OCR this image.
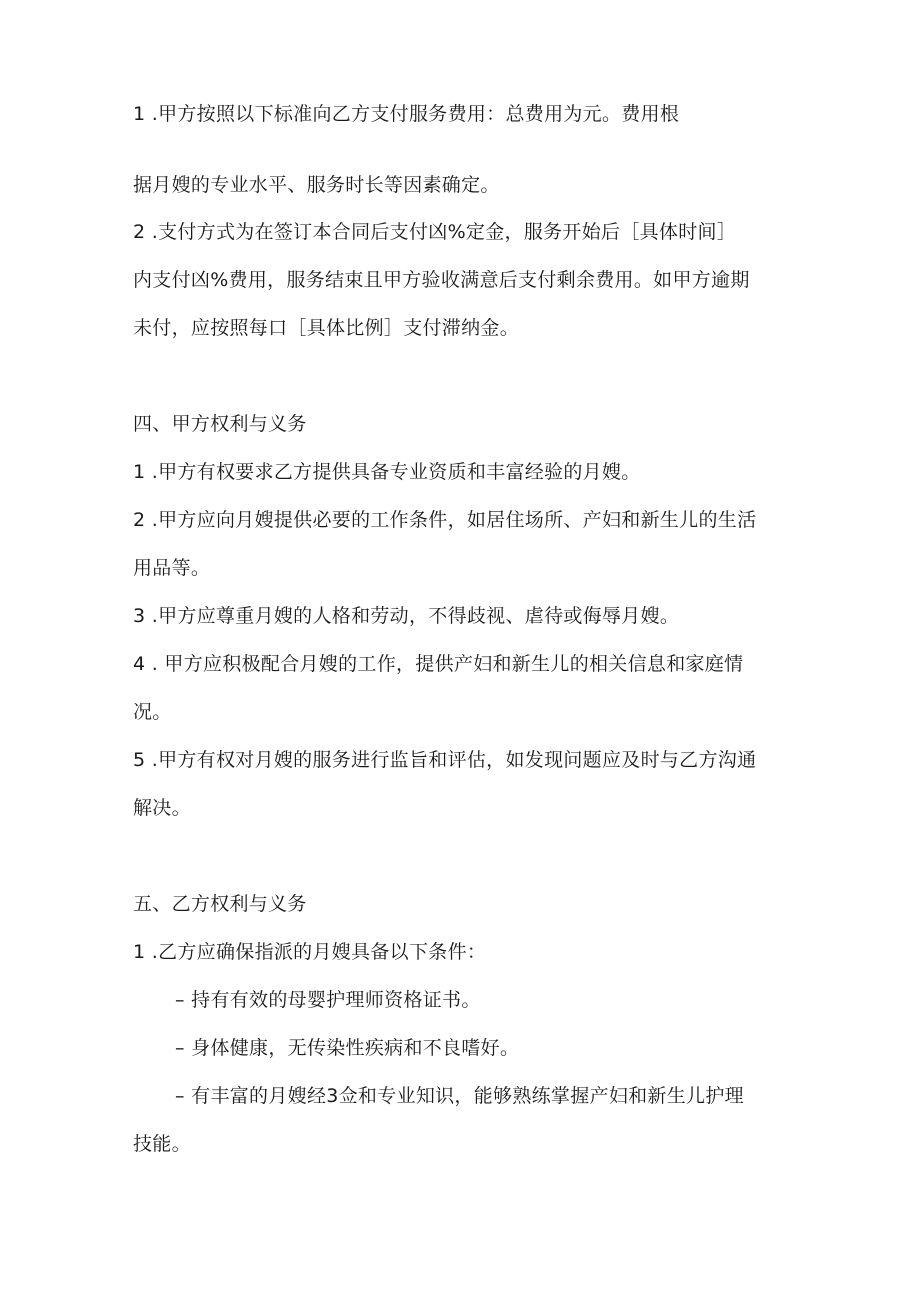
1 .甲方按照以下标准向乙方支付服务费用：总费用为元。费用根
据月嫂的专业水平、服务时长等因素确定。
2 .支付方式为在签订本合同后支付凶%定金，服务开始后［具体时间］
内支付凶%费用，服务结束且甲方验收满意后支付剩余费用。如甲方逾期
未付，应按照每口［具体比例］支付滞纳金。
四、甲方权利与义务
1 .甲方有权要求乙方提供具备专业资质和丰富经验的月嫂。
2 .甲方应向月嫂提供必要的工作条件，如居住场所、产妇和新生儿的生活
用品等。
3 .甲方应尊重月嫂的人格和劳动，不得歧视、虐待或侮辱月嫂。
4 . 甲方应积极配合月嫂的工作，提供产妇和新生儿的相关信息和家庭情
况。
5 .甲方有权对月嫂的服务进行监旨和评估，如发现问题应及时与乙方沟通
解决。
五、乙方权利与义务
1 .乙方应确保指派的月嫂具备以下条件：
– 持有有效的母婴护理师资格证书。
– 身体健康，无传染性疾病和不良嗜好。
– 有丰富的月嫂经3佥和专业知识，能够熟练掌握产妇和新生儿护理
技能。
